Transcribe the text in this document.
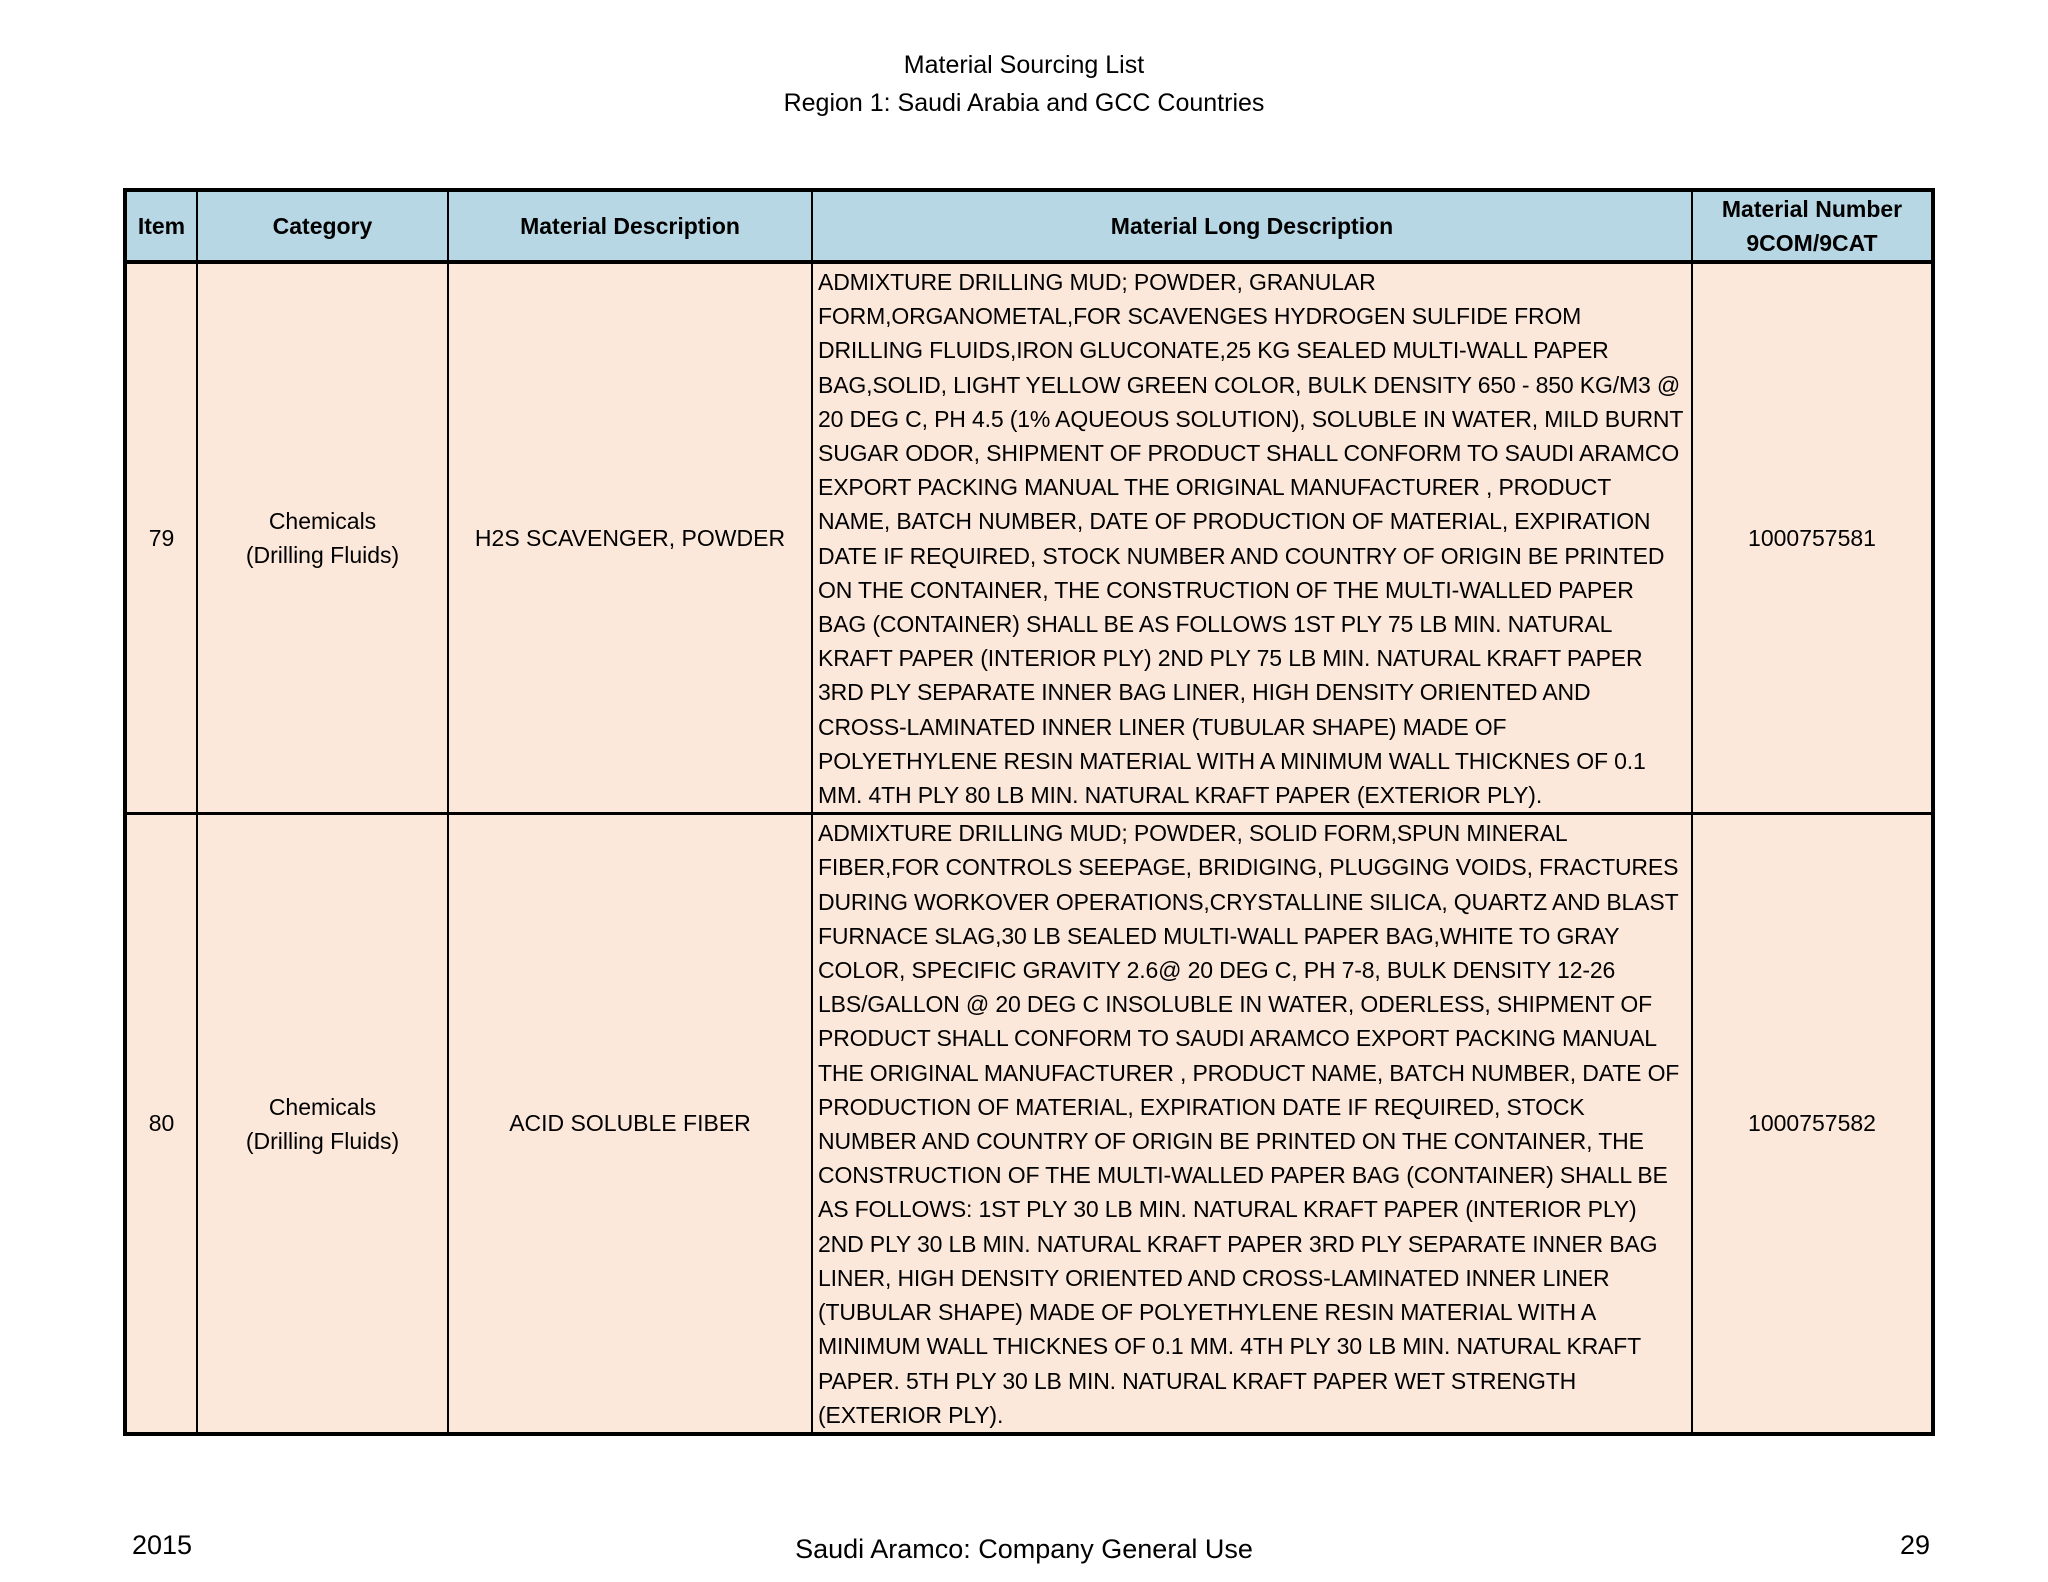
Material Sourcing List
Region 1: Saudi Arabia and GCC Countries
Item	Category	Material Description	Material Long Description	Material Number
9COM/9CAT

79	Chemicals
(Drilling Fluids)	H2S SCAVENGER, POWDER	ADMIXTURE DRILLING MUD; POWDER, GRANULAR FORM,ORGANOMETAL,FOR SCAVENGES HYDROGEN SULFIDE FROM DRILLING FLUIDS,IRON GLUCONATE,25 KG SEALED MULTI-WALL PAPER BAG,SOLID, LIGHT YELLOW GREEN COLOR, BULK DENSITY 650 - 850 KG/M3 @ 20 DEG C, PH 4.5 (1% AQUEOUS SOLUTION), SOLUBLE IN WATER, MILD BURNT SUGAR ODOR, SHIPMENT OF PRODUCT SHALL CONFORM TO SAUDI ARAMCO EXPORT PACKING MANUAL THE ORIGINAL MANUFACTURER , PRODUCT NAME, BATCH NUMBER, DATE OF PRODUCTION OF MATERIAL, EXPIRATION DATE IF REQUIRED, STOCK NUMBER AND COUNTRY OF ORIGIN BE PRINTED ON THE CONTAINER, THE CONSTRUCTION OF THE MULTI-WALLED PAPER BAG (CONTAINER) SHALL BE AS FOLLOWS 1ST PLY 75 LB MIN. NATURAL KRAFT PAPER (INTERIOR PLY) 2ND PLY 75 LB MIN. NATURAL KRAFT PAPER 3RD PLY SEPARATE INNER BAG LINER, HIGH DENSITY ORIENTED AND CROSS-LAMINATED INNER LINER (TUBULAR SHAPE) MADE OF POLYETHYLENE RESIN MATERIAL WITH A MINIMUM WALL THICKNES OF 0.1 MM. 4TH PLY 80 LB MIN. NATURAL KRAFT PAPER (EXTERIOR PLY).	1000757581
80	Chemicals
(Drilling Fluids)	ACID SOLUBLE FIBER	ADMIXTURE DRILLING MUD; POWDER, SOLID FORM,SPUN MINERAL FIBER,FOR CONTROLS SEEPAGE, BRIDIGING, PLUGGING VOIDS, FRACTURES DURING WORKOVER OPERATIONS,CRYSTALLINE SILICA, QUARTZ AND BLAST FURNACE SLAG,30 LB SEALED MULTI-WALL PAPER BAG,WHITE TO GRAY COLOR, SPECIFIC GRAVITY 2.6@ 20 DEG C, PH 7-8, BULK DENSITY 12-26 LBS/GALLON @ 20 DEG C INSOLUBLE IN WATER, ODERLESS, SHIPMENT OF PRODUCT SHALL CONFORM TO SAUDI ARAMCO EXPORT PACKING MANUAL THE ORIGINAL MANUFACTURER , PRODUCT NAME, BATCH NUMBER, DATE OF PRODUCTION OF MATERIAL, EXPIRATION DATE IF REQUIRED, STOCK NUMBER AND COUNTRY OF ORIGIN BE PRINTED ON THE CONTAINER, THE CONSTRUCTION OF THE MULTI-WALLED PAPER BAG (CONTAINER) SHALL BE AS FOLLOWS: 1ST PLY 30 LB MIN. NATURAL KRAFT PAPER (INTERIOR PLY) 2ND PLY 30 LB MIN. NATURAL KRAFT PAPER 3RD PLY SEPARATE INNER BAG LINER, HIGH DENSITY ORIENTED AND CROSS-LAMINATED INNER LINER (TUBULAR SHAPE) MADE OF POLYETHYLENE RESIN MATERIAL WITH A MINIMUM WALL THICKNES OF 0.1 MM. 4TH PLY 30 LB MIN. NATURAL KRAFT PAPER. 5TH PLY 30 LB MIN. NATURAL KRAFT PAPER WET STRENGTH (EXTERIOR PLY).	1000757582
2015	Saudi Aramco: Company General Use	29
